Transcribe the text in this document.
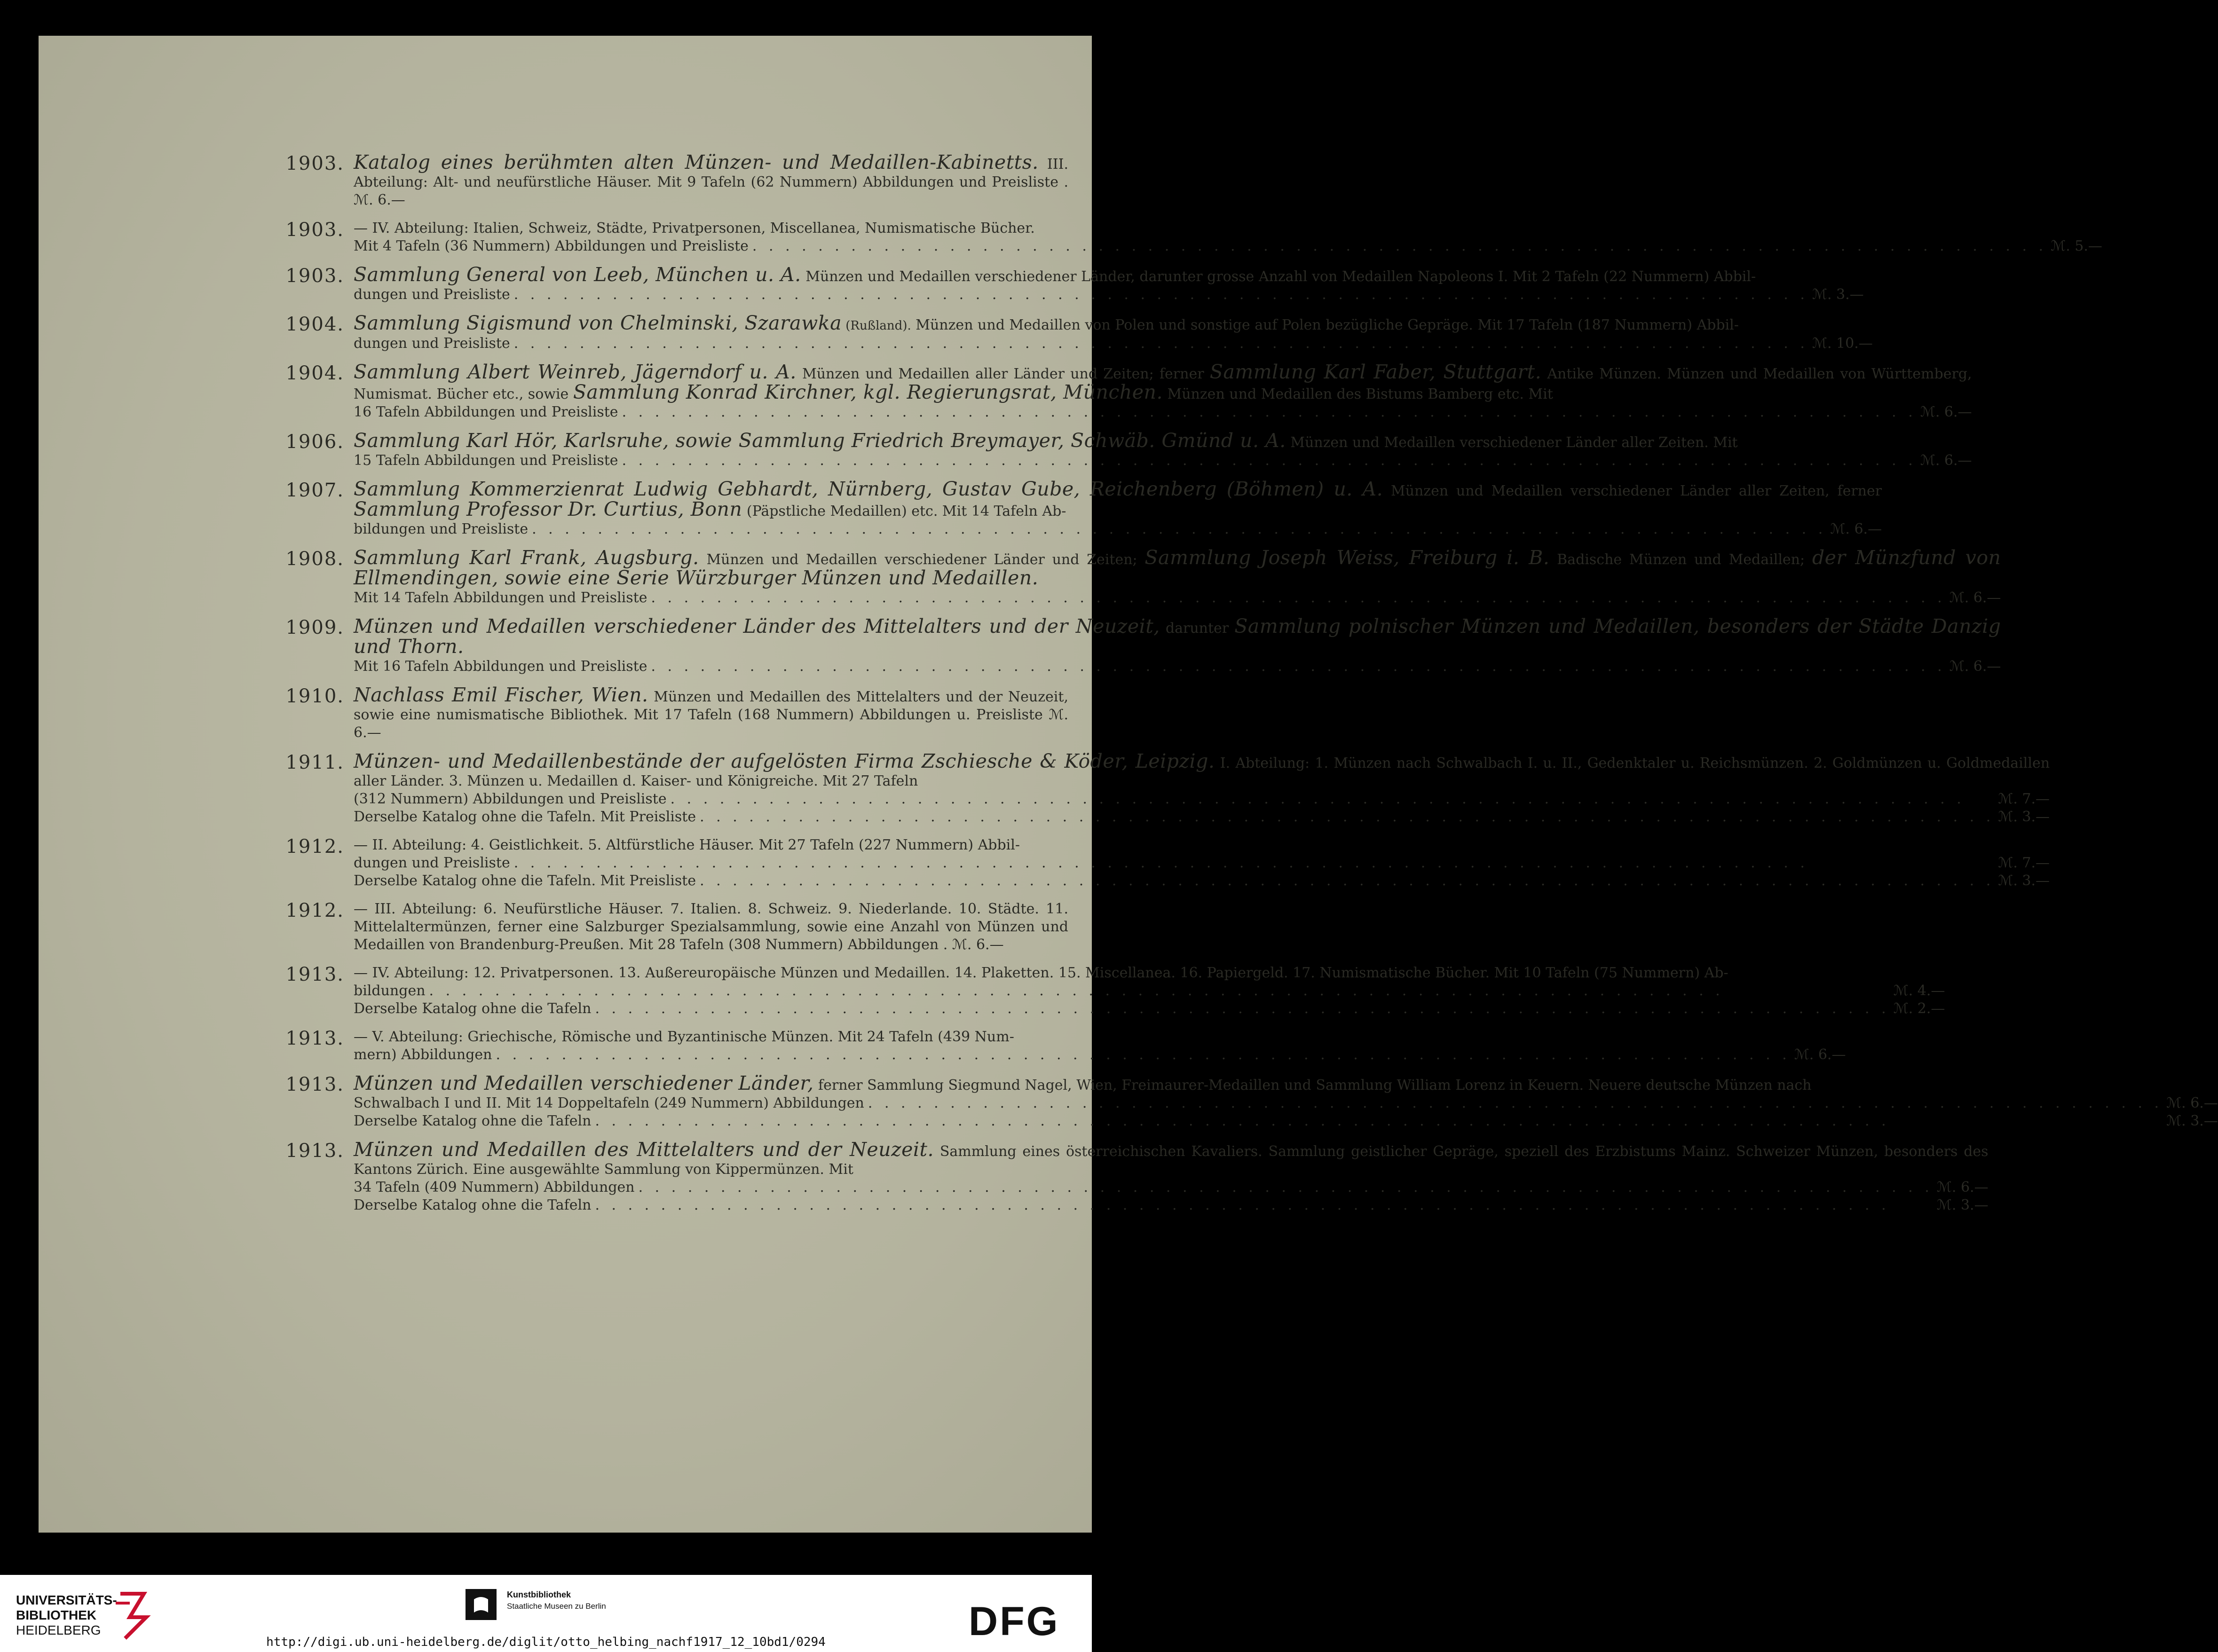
1903. Katalog eines berühmten alten Münzen- und Medaillen-Kabinetts. III. Abteilung: Alt- und neufürstliche Häuser. Mit 9 Tafeln (62 Nummern) Abbildungen und Preisliste . ℳ. 6.—
1903. — IV. Abteilung: Italien, Schweiz, Städte, Privatpersonen, Miscellanea, Numismatische Bücher.
Mit 4 Tafeln (36 Nummern) Abbildungen und Preisliste . . .	ℳ. 5.—
1903. Sammlung General von Leeb, München u. A. Münzen und Medaillen verschiedener Länder, darunter grosse Anzahl von Medaillen Napoleons I. Mit 2 Tafeln (22 Nummern) Abbil-
dungen und Preisliste . . .	ℳ. 3.—
1904. Sammlung Sigismund von Chelminski, Szarawka (Rußland). Münzen und Medaillen von Polen und sonstige auf Polen bezügliche Gepräge. Mit 17 Tafeln (187 Nummern) Abbil-
dungen und Preisliste . . .	ℳ. 10.—
1904. Sammlung Albert Weinreb, Jägerndorf u. A. Münzen und Medaillen aller Länder und Zeiten; ferner Sammlung Karl Faber, Stuttgart. Antike Münzen. Münzen und Medaillen von Württemberg, Numismat. Bücher etc., sowie Sammlung Konrad Kirchner, kgl. Regierungsrat, München. Münzen und Medaillen des Bistums Bamberg etc. Mit
16 Tafeln Abbildungen und Preisliste . . .	ℳ. 6.—
1906. Sammlung Karl Hör, Karlsruhe, sowie Sammlung Friedrich Breymayer, Schwäb. Gmünd u. A. Münzen und Medaillen verschiedener Länder aller Zeiten. Mit
15 Tafeln Abbildungen und Preisliste . . .	ℳ. 6.—
1907. Sammlung Kommerzienrat Ludwig Gebhardt, Nürnberg, Gustav Gube, Reichenberg (Böhmen) u. A. Münzen und Medaillen verschiedener Länder aller Zeiten, ferner Sammlung Professor Dr. Curtius, Bonn (Päpstliche Medaillen) etc. Mit 14 Tafeln Ab-
bildungen und Preisliste . . .	ℳ. 6.—
1908. Sammlung Karl Frank, Augsburg. Münzen und Medaillen verschiedener Länder und Zeiten; Sammlung Joseph Weiss, Freiburg i. B. Badische Münzen und Medaillen; der Münzfund von Ellmendingen, sowie eine Serie Würzburger Münzen und Medaillen.
Mit 14 Tafeln Abbildungen und Preisliste . . .	ℳ. 6.—
1909. Münzen und Medaillen verschiedener Länder des Mittelalters und der Neuzeit, darunter Sammlung polnischer Münzen und Medaillen, besonders der Städte Danzig und Thorn.
Mit 16 Tafeln Abbildungen und Preisliste . . .	ℳ. 6.—
1910. Nachlass Emil Fischer, Wien. Münzen und Medaillen des Mittelalters und der Neuzeit, sowie eine numismatische Bibliothek. Mit 17 Tafeln (168 Nummern) Abbildungen u. Preisliste ℳ. 6.—
1911. Münzen- und Medaillenbestände der aufgelösten Firma Zschiesche & Köder, Leipzig. I. Abteilung: 1. Münzen nach Schwalbach I. u. II., Gedenktaler u. Reichsmünzen. 2. Goldmünzen u. Goldmedaillen aller Länder. 3. Münzen u. Medaillen d. Kaiser- und Königreiche. Mit 27 Tafeln
(312 Nummern) Abbildungen und Preisliste . . .	ℳ. 7.—
Derselbe Katalog ohne die Tafeln. Mit Preisliste . . .	ℳ. 3.—
1912. — II. Abteilung: 4. Geistlichkeit. 5. Altfürstliche Häuser. Mit 27 Tafeln (227 Nummern) Abbil-
dungen und Preisliste . . .	ℳ. 7.—
Derselbe Katalog ohne die Tafeln. Mit Preisliste . . .	ℳ. 3.—
1912. — III. Abteilung: 6. Neufürstliche Häuser. 7. Italien. 8. Schweiz. 9. Niederlande. 10. Städte. 11. Mittelaltermünzen, ferner eine Salzburger Spezialsammlung, sowie eine Anzahl von Münzen und Medaillen von Brandenburg-Preußen. Mit 28 Tafeln (308 Nummern) Abbildungen . ℳ. 6.—
1913. — IV. Abteilung: 12. Privatpersonen. 13. Außereuropäische Münzen und Medaillen. 14. Plaketten. 15. Miscellanea. 16. Papiergeld. 17. Numismatische Bücher. Mit 10 Tafeln (75 Nummern) Ab-
bildungen . . .	ℳ. 4.—
Derselbe Katalog ohne die Tafeln . . .	ℳ. 2.—
1913. — V. Abteilung: Griechische, Römische und Byzantinische Münzen. Mit 24 Tafeln (439 Num-
mern) Abbildungen . . .	ℳ. 6.—
1913. Münzen und Medaillen verschiedener Länder, ferner Sammlung Siegmund Nagel, Wien, Freimaurer-Medaillen und Sammlung William Lorenz in Keuern. Neuere deutsche Münzen nach
Schwalbach I und II. Mit 14 Doppeltafeln (249 Nummern) Abbildungen . . .	ℳ. 6.—
Derselbe Katalog ohne die Tafeln . . .	ℳ. 3.—
1913. Münzen und Medaillen des Mittelalters und der Neuzeit. Sammlung eines österreichischen Kavaliers. Sammlung geistlicher Gepräge, speziell des Erzbistums Mainz. Schweizer Münzen, besonders des Kantons Zürich. Eine ausgewählte Sammlung von Kippermünzen. Mit
34 Tafeln (409 Nummern) Abbildungen . . .	ℳ. 6.—
Derselbe Katalog ohne die Tafeln . . .	ℳ. 3.—
UNIVERSITÄTS-
BIBLIOTHEK
HEIDELBERG
Kunstbibliothek
Staatliche Museen zu Berlin	DFG
http://digi.ub.uni-heidelberg.de/diglit/otto_helbing_nachf1917_12_10bd1/0294
